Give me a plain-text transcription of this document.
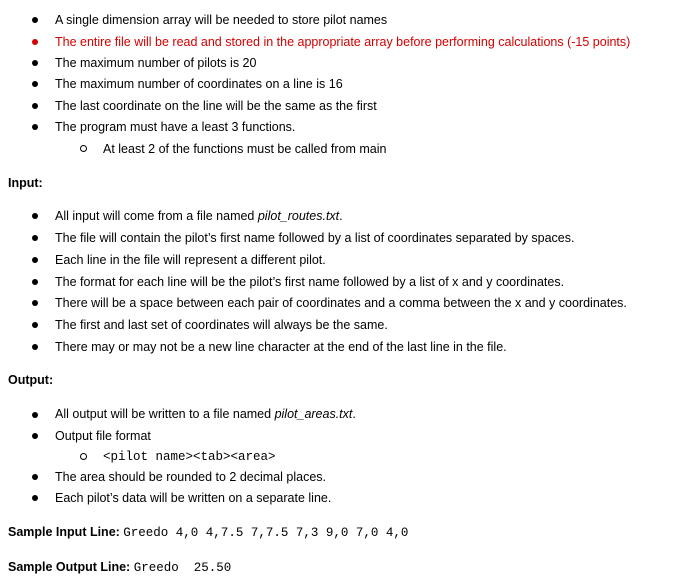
A single dimension array will be needed to store pilot names
The entire file will be read and stored in the appropriate array before performing calculations (-15 points)
The maximum number of pilots is 20
The maximum number of coordinates on a line is 16
The last coordinate on the line will be the same as the first
The program must have a least 3 functions.
At least 2 of the functions must be called from main
Input:
All input will come from a file named pilot_routes.txt.
The file will contain the pilot’s first name followed by a list of coordinates separated by spaces.
Each line in the file will represent a different pilot.
The format for each line will be the pilot’s first name followed by a list of x and y coordinates.
There will be a space between each pair of coordinates and a comma between the x and y coordinates.
The first and last set of coordinates will always be the same.
There may or may not be a new line character at the end of the last line in the file.
Output:
All output will be written to a file named pilot_areas.txt.
Output file format
<pilot name><tab><area>
The area should be rounded to 2 decimal places.
Each pilot’s data will be written on a separate line.
Sample Input Line: Greedo 4,0 4,7.5 7,7.5 7,3 9,0 7,0 4,0
Sample Output Line: Greedo  25.50
